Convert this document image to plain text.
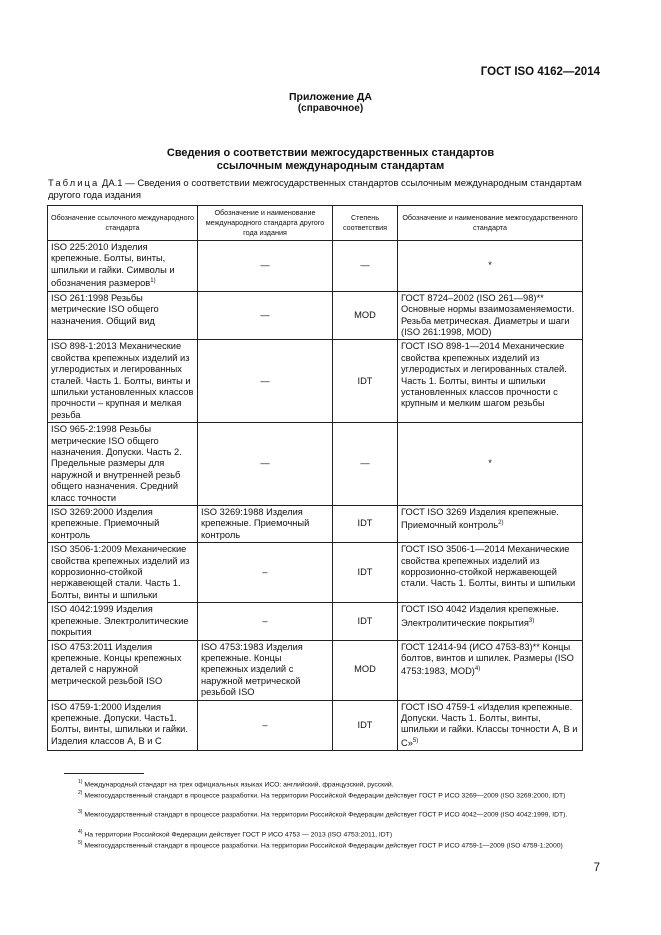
ГОСТ ISO 4162—2014
Приложение ДА
(справочное)
Сведения о соответствии межгосударственных стандартов
ссылочным международным стандартам
Таблица ДА.1 — Сведения о соответствии межгосударственных стандартов ссылочным международным стандартам другого года издания
Обозначение ссылочного международного стандарта	Обозначение и наименование международного стандарта другого года издания	Степень соответствия	Обозначение и наименование межгосударственного стандарта
ISO 225:2010 Изделия крепежные. Болты, винты, шпильки и гайки. Символы и обозначения размеров$^{1)}$	—	—	*
ISO 261:1998 Резьбы метрические ISO общего назначения. Общий вид	—	MOD	ГОСТ 8724–2002 (ISO 261—98)** Основные нормы взаимозаменяемости. Резьба метрическая. Диаметры и шаги (ISO 261:1998, MOD)
ISO 898-1:2013 Механические свойства крепежных изделий из углеродистых и легированных сталей. Часть 1. Болты, винты и шпильки установленных классов прочности – крупная и мелкая резьба	—	IDT	ГОСТ ISO 898-1—2014 Механические свойства крепежных изделий из углеродистых и легированных сталей. Часть 1. Болты, винты и шпильки установленных классов прочности с крупным и мелким шагом резьбы
ISO 965-2:1998 Резьбы метрические ISO общего назначения. Допуски. Часть 2. Предельные размеры для наружной и внутренней резьб общего назначения. Средний класс точности	—	—	*
ISO 3269:2000 Изделия крепежные. Приемочный контроль	ISO 3269:1988 Изделия крепежные. Приемочный контроль	IDT	ГОСТ ISO 3269 Изделия крепежные. Приемочный контроль$^{2)}$
ISO 3506-1:2009 Механические свойства крепежных изделий из коррозионно-стойкой нержавеющей стали. Часть 1. Болты, винты и шпильки	–	IDT	ГОСТ ISO 3506-1—2014 Механические свойства крепежных изделий из коррозионно-стойкой нержавеющей стали. Часть 1. Болты, винты и шпильки
ISO 4042:1999 Изделия крепежные. Электролитические покрытия	–	IDT	ГОСТ ISO 4042 Изделия крепежные. Электролитические покрытия$^{3)}$
ISO 4753:2011 Изделия крепежные. Концы крепежных деталей с наружной метрической резьбой ISO	ISO 4753:1983 Изделия крепежные. Концы крепежных изделий с наружной метрической резьбой ISO	MOD	ГОСТ 12414-94 (ИСО 4753-83)** Концы болтов, винтов и шпилек. Размеры (ISO 4753:1983, MOD)$^{4)}$
ISO 4759-1:2000 Изделия крепежные. Допуски. Часть1. Болты, винты, шпильки и гайки. Изделия классов А, В и С	–	IDT	ГОСТ ISO 4759-1 «Изделия крепежные. Допуски. Часть 1. Болты, винты, шпильки и гайки. Классы точности А, В и С»$^{5)}$
$^{1)}$ Международный стандарт на трех официальных языках ИСО: английский, французский, русский.
$^{2)}$ Межгосударственный стандарт в процессе разработки. На территории Российской Федерации действует ГОСТ Р ИСО 3269—2009 (ISO 3269:2000, IDT)
$^{3)}$ Межгосударственный стандарт в процессе разработки. На территории Российской Федерации действует ГОСТ Р ИСО 4042—2009 (ISO 4042:1999, IDT).
$^{4)}$ На территории Российской Федерации действует ГОСТ Р ИСО 4753 — 2013 (ISO 4753:2011, IDT)
$^{5)}$ Межгосударственный стандарт в процессе разработки. На территории Российской Федерации действует ГОСТ Р ИСО 4759-1—2009 (ISO 4759-1:2000)
7
